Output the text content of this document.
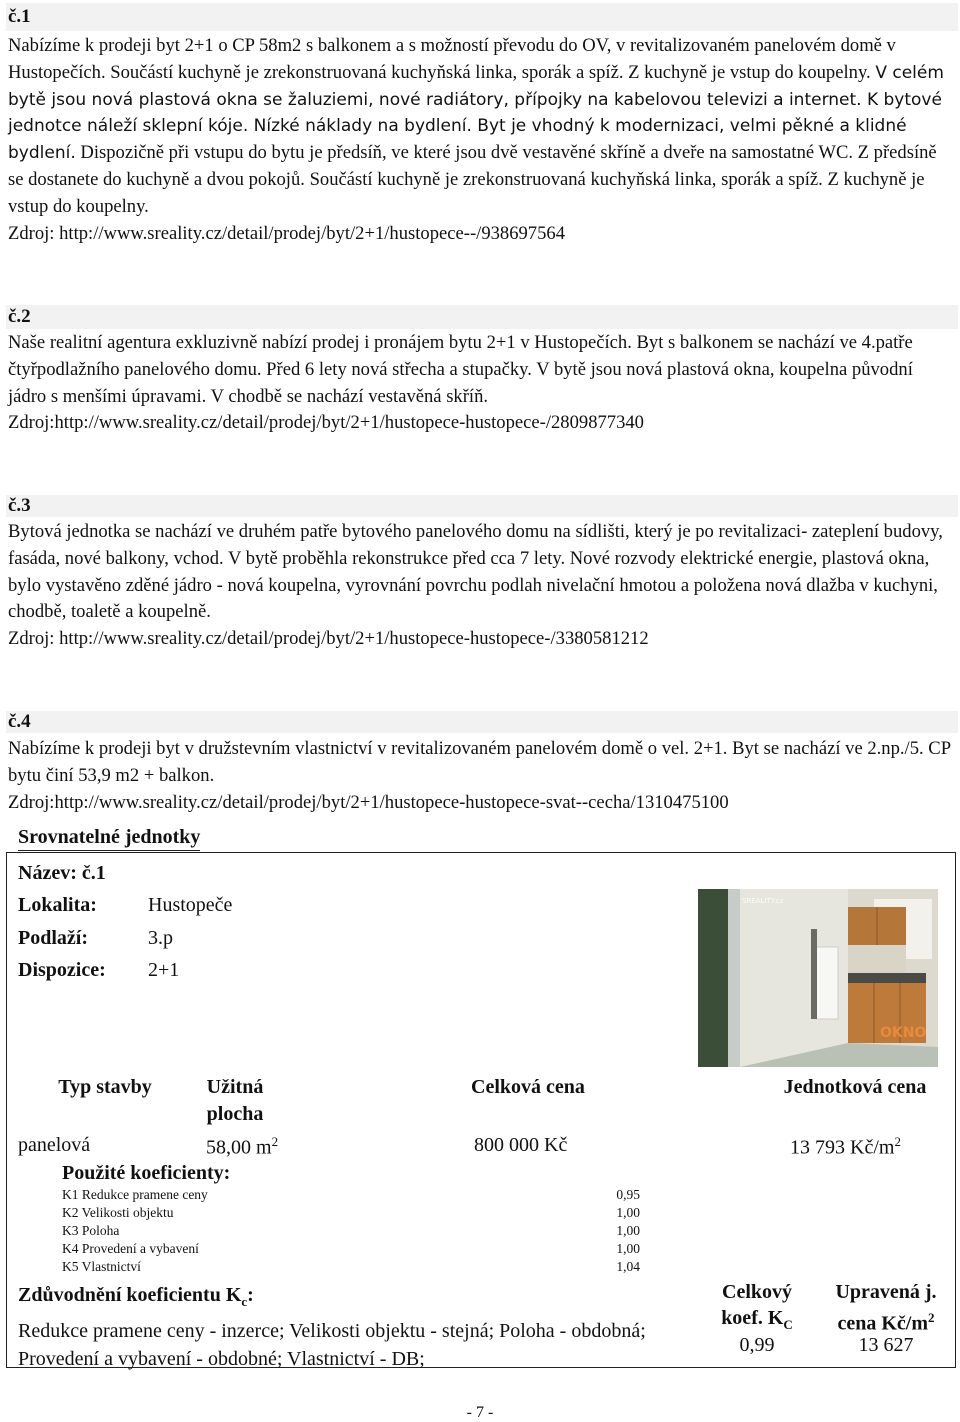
č.1

Nabízíme k prodeji byt 2+1 o CP 58m2 s balkonem a s možností převodu do OV, v revitalizovaném panelovém domě v Hustopečích. Součástí kuchyně je zrekonstruovaná kuchyňská linka, sporák a spíž. Z kuchyně je vstup do koupelny. V celém bytě jsou nová plastová okna se žaluziemi, nové radiátory, přípojky na kabelovou televizi a internet. K bytové jednotce náleží sklepní kóje. Nízké náklady na bydlení. Byt je vhodný k modernizaci, velmi pěkné a klidné bydlení. Dispozičně při vstupu do bytu je předsíň, ve které jsou dvě vestavěné skříně a dveře na samostatné WC. Z předsíně se dostanete do kuchyně a dvou pokojů. Součástí kuchyně je zrekonstruovaná kuchyňská linka, sporák a spíž. Z kuchyně je vstup do koupelny.
Zdroj: http://www.sreality.cz/detail/prodej/byt/2+1/hustopece--/938697564

č.2

Naše realitní agentura exkluzivně nabízí prodej i pronájem bytu 2+1 v Hustopečích. Byt s balkonem se nachází ve 4.patře čtyřpodlažního panelového domu. Před 6 lety nová střecha a stupačky. V bytě jsou nová plastová okna, koupelna původní jádro s menšími úpravami. V chodbě se nachází vestavěná skříň.
Zdroj:http://www.sreality.cz/detail/prodej/byt/2+1/hustopece-hustopece-/2809877340

č.3

Bytová jednotka se nachází ve druhém patře bytového panelového domu na sídlišti, který je po revitalizaci- zateplení budovy, fasáda, nové balkony, vchod. V bytě proběhla rekonstrukce před cca 7 lety. Nové rozvody elektrické energie, plastová okna, bylo vystavěno zděné jádro - nová koupelna, vyrovnání povrchu podlah nivelační hmotou a položena nová dlažba v kuchyni, chodbě, toaletě a koupelně.
Zdroj: http://www.sreality.cz/detail/prodej/byt/2+1/hustopece-hustopece-/3380581212

č.4

Nabízíme k prodeji byt v družstevním vlastnictví v revitalizovaném panelovém domě o vel. 2+1. Byt se nachází ve 2.np./5. CP bytu činí 53,9 m2 + balkon.
Zdroj:http://www.sreality.cz/detail/prodej/byt/2+1/hustopece-hustopece-svat--cecha/1310475100

Srovnatelné jednotky
Název: č.1
Lokalita:	Hustopeče
Podlaží:	3.p
Dispozice: 2+1
SREALITY.cz
OKNO
Typ stavby	Užitná plocha
Celková cena	Jednotková cena
panelová	58,00 $m^2$	800 000 Kč	13 793 $Kč/m^2$
Použité koeficienty:
K1 Redukce pramene ceny	0,95
K2 Velikosti objektu	1,00
K3 Poloha	1,00
K4 Provedení a vybavení	1,00
K5 Vlastnictví	1,04
Zdůvodnění koeficientu $K_c$:
Redukce pramene ceny - inzerce; Velikosti objektu - stejná; Poloha - obdobná; Provedení a vybavení - obdobné; Vlastnictví - DB;
Celkový
koef. $K_C$
Upravená j.
cena $Kč/m^2$
0,99	13 627
- 7 -
